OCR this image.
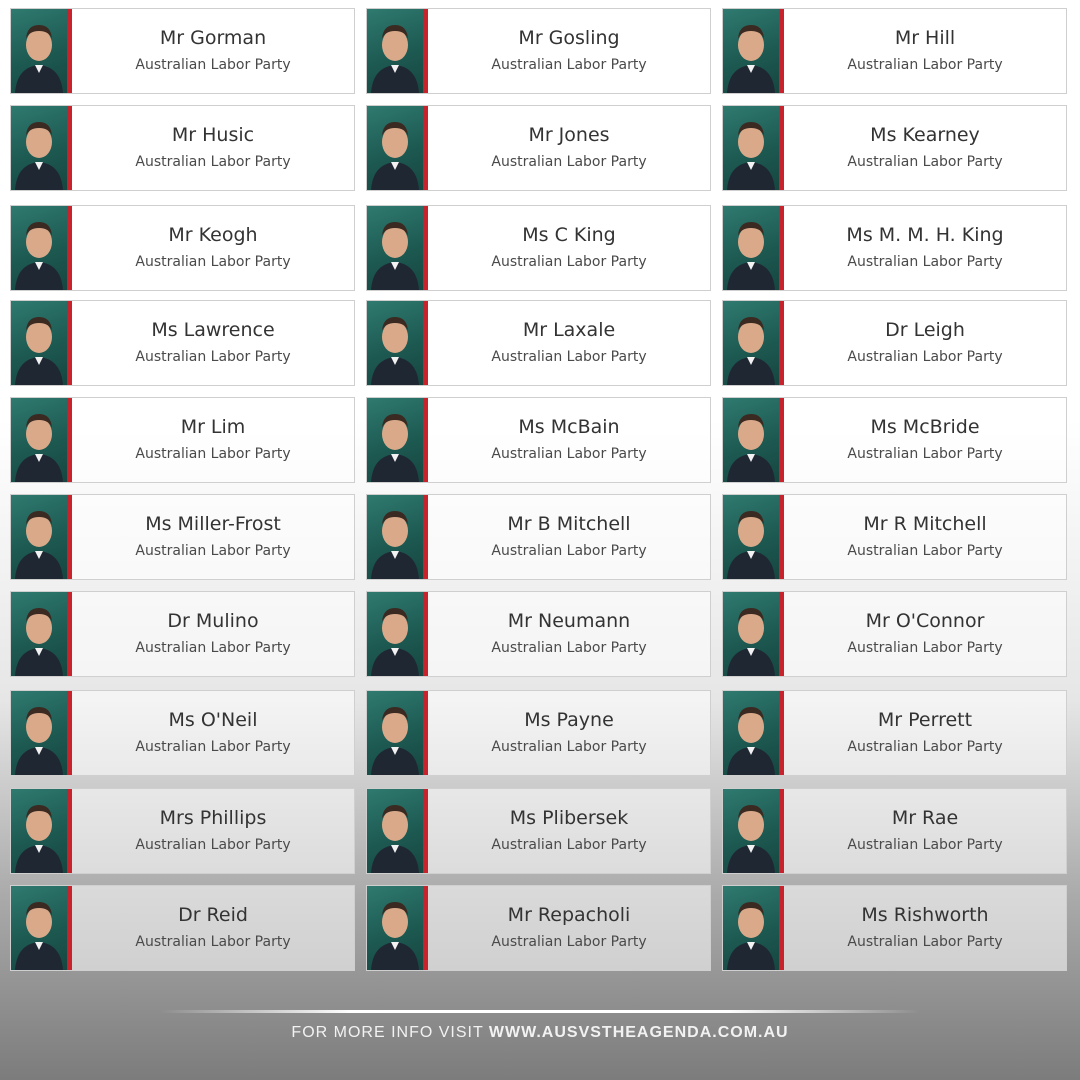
Mr Gorman
Australian Labor Party
Mr Gosling
Australian Labor Party
Mr Hill
Australian Labor Party
Mr Husic
Australian Labor Party
Mr Jones
Australian Labor Party
Ms Kearney
Australian Labor Party
Mr Keogh
Australian Labor Party
Ms C King
Australian Labor Party
Ms M. M. H. King
Australian Labor Party
Ms Lawrence
Australian Labor Party
Mr Laxale
Australian Labor Party
Dr Leigh
Australian Labor Party
Mr Lim
Australian Labor Party
Ms McBain
Australian Labor Party
Ms McBride
Australian Labor Party
Ms Miller-Frost
Australian Labor Party
Mr B Mitchell
Australian Labor Party
Mr R Mitchell
Australian Labor Party
Dr Mulino
Australian Labor Party
Mr Neumann
Australian Labor Party
Mr O'Connor
Australian Labor Party
Ms O'Neil
Australian Labor Party
Ms Payne
Australian Labor Party
Mr Perrett
Australian Labor Party
Mrs Phillips
Australian Labor Party
Ms Plibersek
Australian Labor Party
Mr Rae
Australian Labor Party
Dr Reid
Australian Labor Party
Mr Repacholi
Australian Labor Party
Ms Rishworth
Australian Labor Party
FOR MORE INFO VISIT WWW.AUSVSTHEAGENDA.COM.AU
